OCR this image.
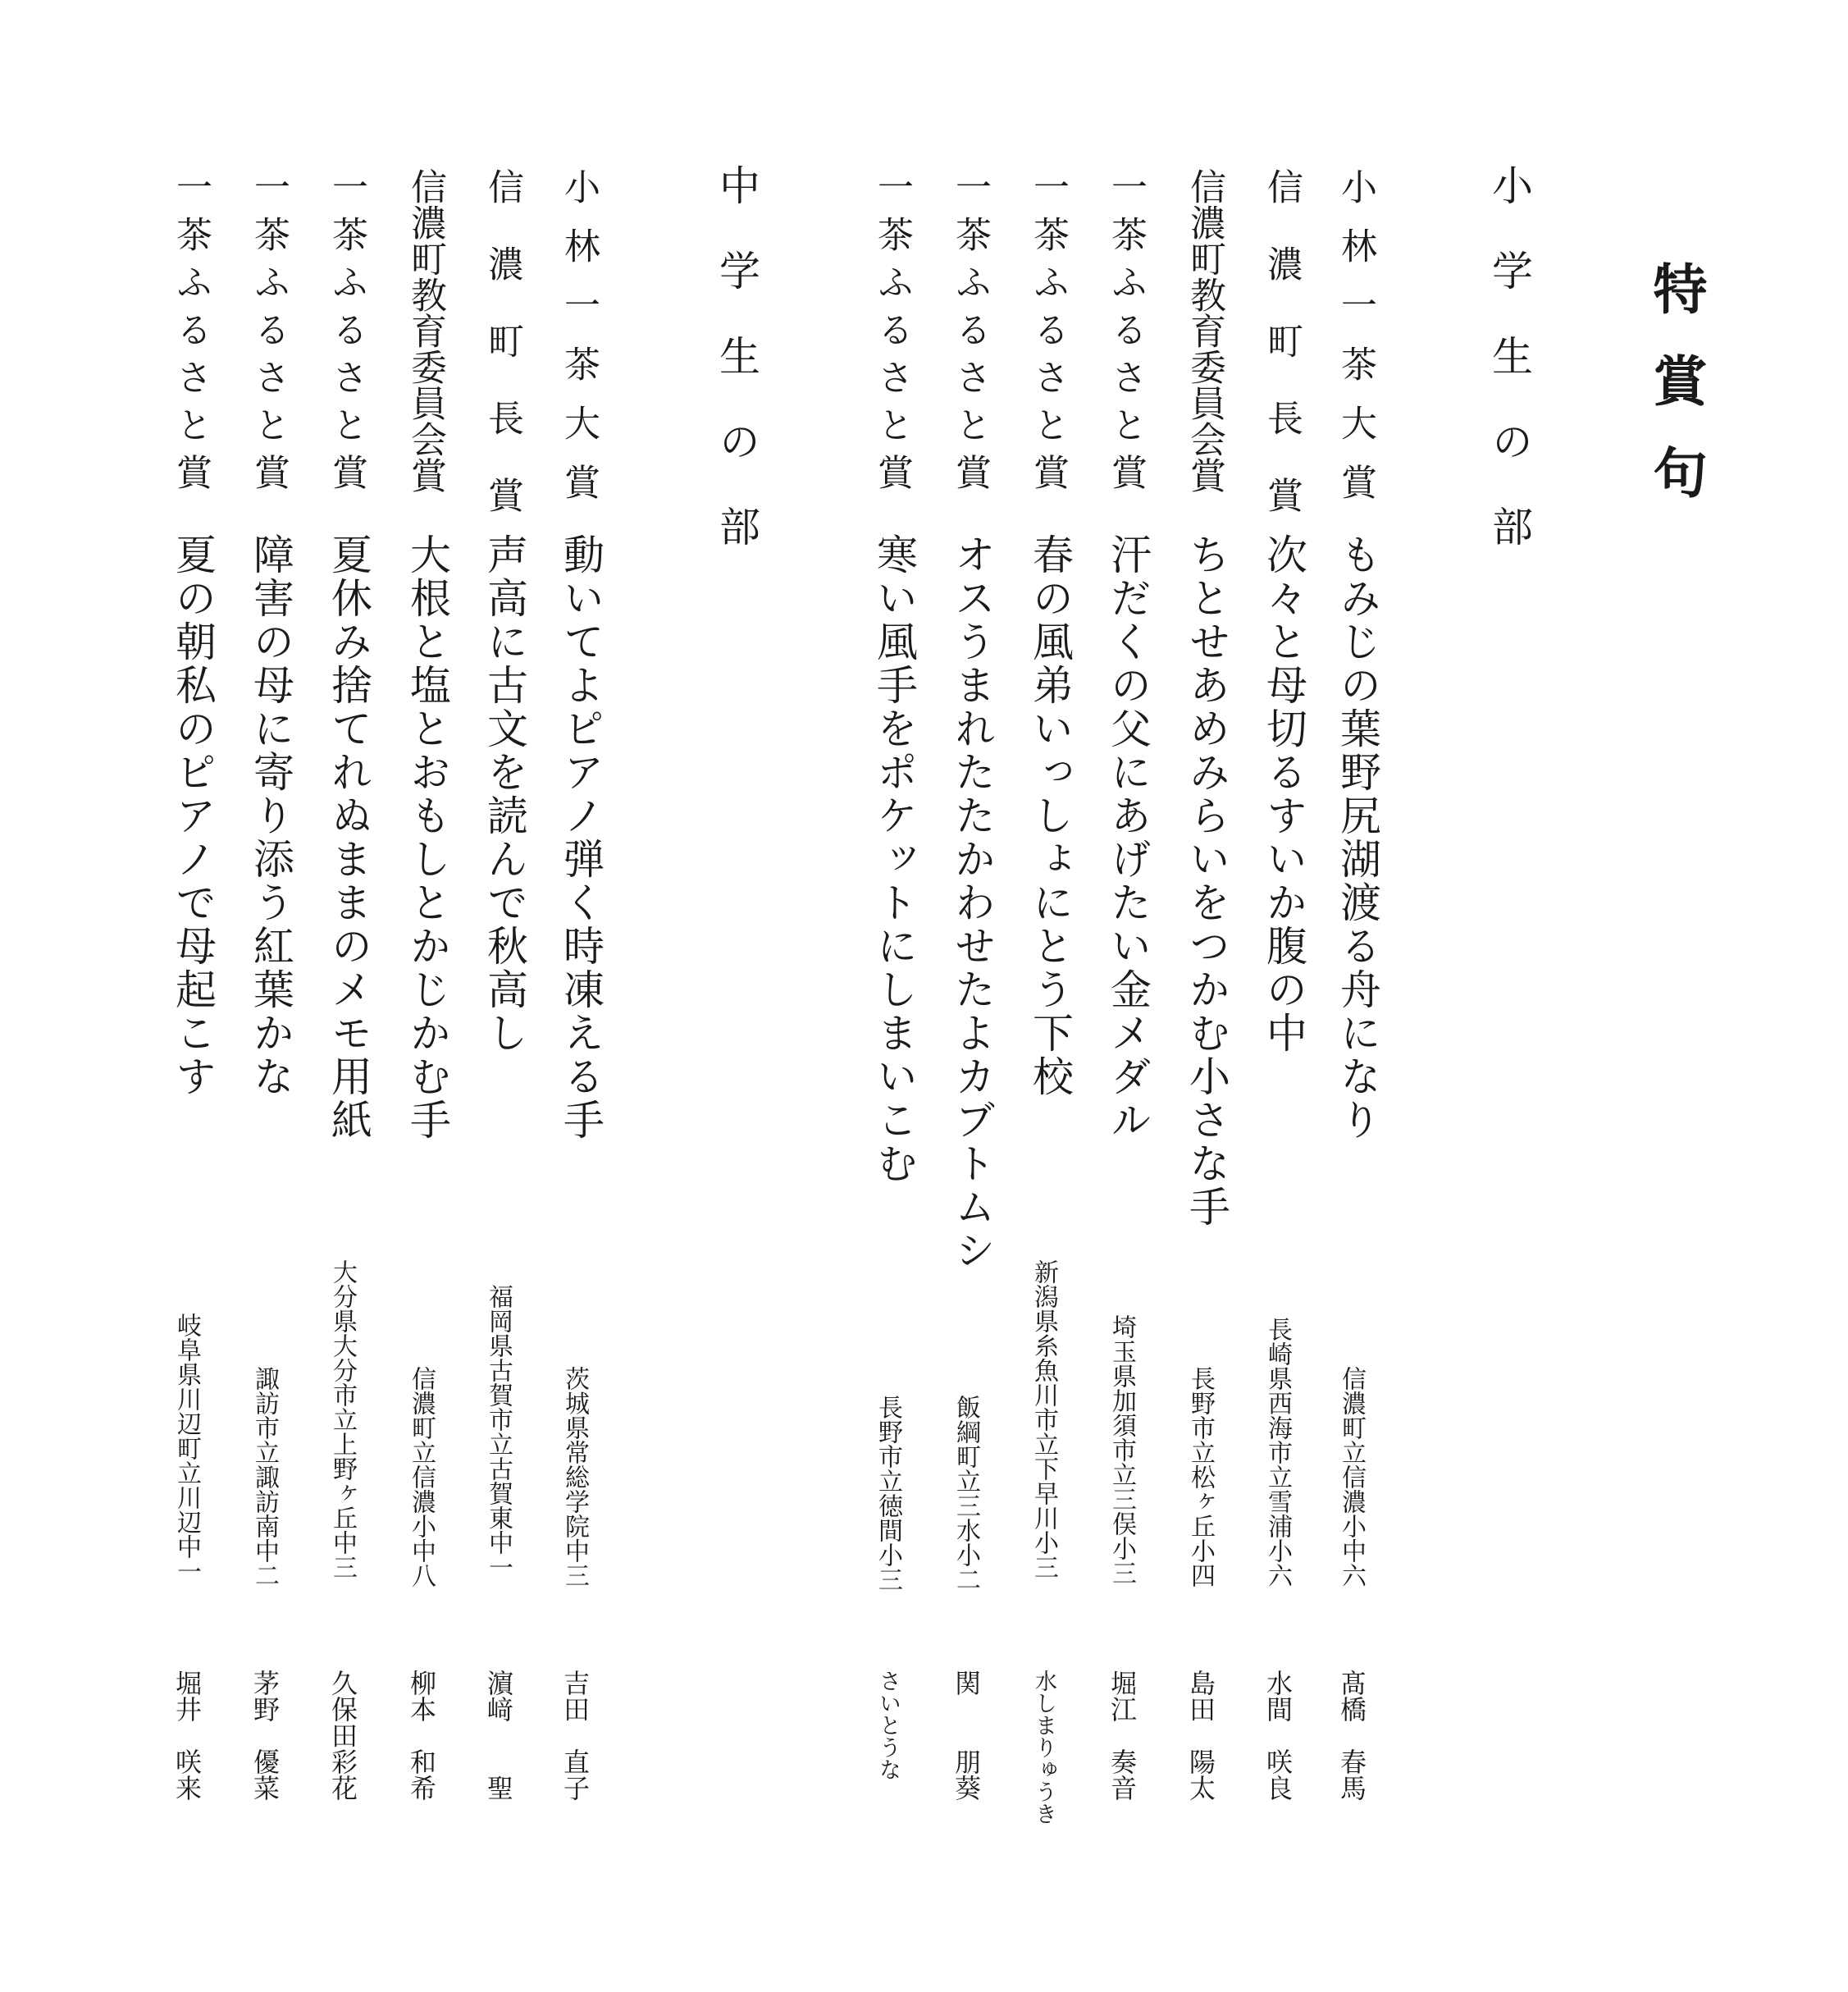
特賞句
小学生の部
小林一茶大賞
もみじの葉野尻湖渡る舟になり
信濃町立信濃小中六
髙橋　春馬
信濃町長賞
次々と母切るすいか腹の中
長崎県西海市立雪浦小六
水間　咲良
信濃町教育委員会賞
ちとせあめみらいをつかむ小さな手
長野市立松ヶ丘小四
島田　陽太
一茶ふるさと賞
汗だくの父にあげたい金メダル
埼玉県加須市立三俣小三
堀江　奏音
一茶ふるさと賞
春の風弟いっしょにとう下校
新潟県糸魚川市立下早川小三
水しまりゅうき
一茶ふるさと賞
オスうまれたたかわせたよカブトムシ
飯綱町立三水小二
関　　朋葵
一茶ふるさと賞
寒い風手をポケットにしまいこむ
長野市立徳間小三
さいとうな
中学生の部
小林一茶大賞
動いてよピアノ弾く時凍える手
茨城県常総学院中三
吉田　直子
信濃町長賞
声高に古文を読んで秋高し
福岡県古賀市立古賀東中一
濵﨑　　聖
信濃町教育委員会賞
大根と塩とおもしとかじかむ手
信濃町立信濃小中八
柳本　和希
一茶ふるさと賞
夏休み捨てれぬままのメモ用紙
大分県大分市立上野ヶ丘中三
久保田彩花
一茶ふるさと賞
障害の母に寄り添う紅葉かな
諏訪市立諏訪南中二
茅野　優菜
一茶ふるさと賞
夏の朝私のピアノで母起こす
岐阜県川辺町立川辺中一
堀井　咲来
